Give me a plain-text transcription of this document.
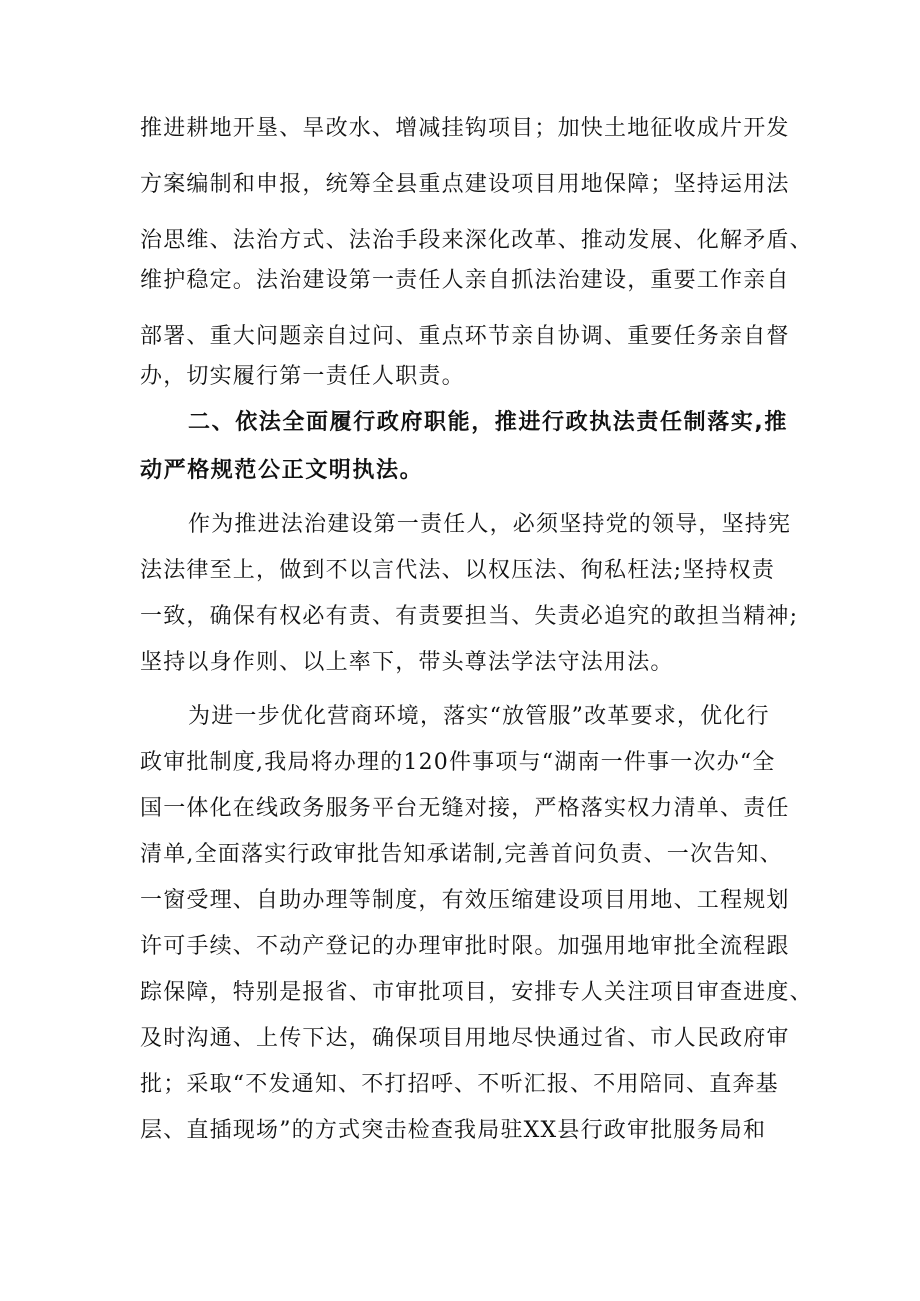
推进耕地开垦、旱改水、增减挂钩项目；加快土地征收成片开发
方案编制和申报，统筹全县重点建设项目用地保障；坚持运用法
治思维、法治方式、法治手段来深化改革、推动发展、化解矛盾、
维护稳定。法治建设第一责任人亲自抓法治建设，重要工作亲自
部署、重大问题亲自过问、重点环节亲自协调、重要任务亲自督
办，切实履行第一责任人职责。
二、依法全面履行政府职能，推进行政执法责任制落实,推
动严格规范公正文明执法。
作为推进法治建设第一责任人，必须坚持党的领导，坚持宪
法法律至上，做到不以言代法、以权压法、徇私枉法;坚持权责
一致，确保有权必有责、有责要担当、失责必追究的敢担当精神;
坚持以身作则、以上率下，带头尊法学法守法用法。
为进一步优化营商环境，落实“放管服”改革要求，优化行
政审批制度,我局将办理的120件事项与“湖南一件事一次办“全
国一体化在线政务服务平台无缝对接，严格落实权力清单、责任
清单,全面落实行政审批告知承诺制,完善首问负责、一次告知、
一窗受理、自助办理等制度，有效压缩建设项目用地、工程规划
许可手续、不动产登记的办理审批时限。加强用地审批全流程跟
踪保障，特别是报省、市审批项目，安排专人关注项目审查进度、
及时沟通、上传下达，确保项目用地尽快通过省、市人民政府审
批；采取“不发通知、不打招呼、不听汇报、不用陪同、直奔基
层、直插现场”的方式突击检查我局驻XX县行政审批服务局和
